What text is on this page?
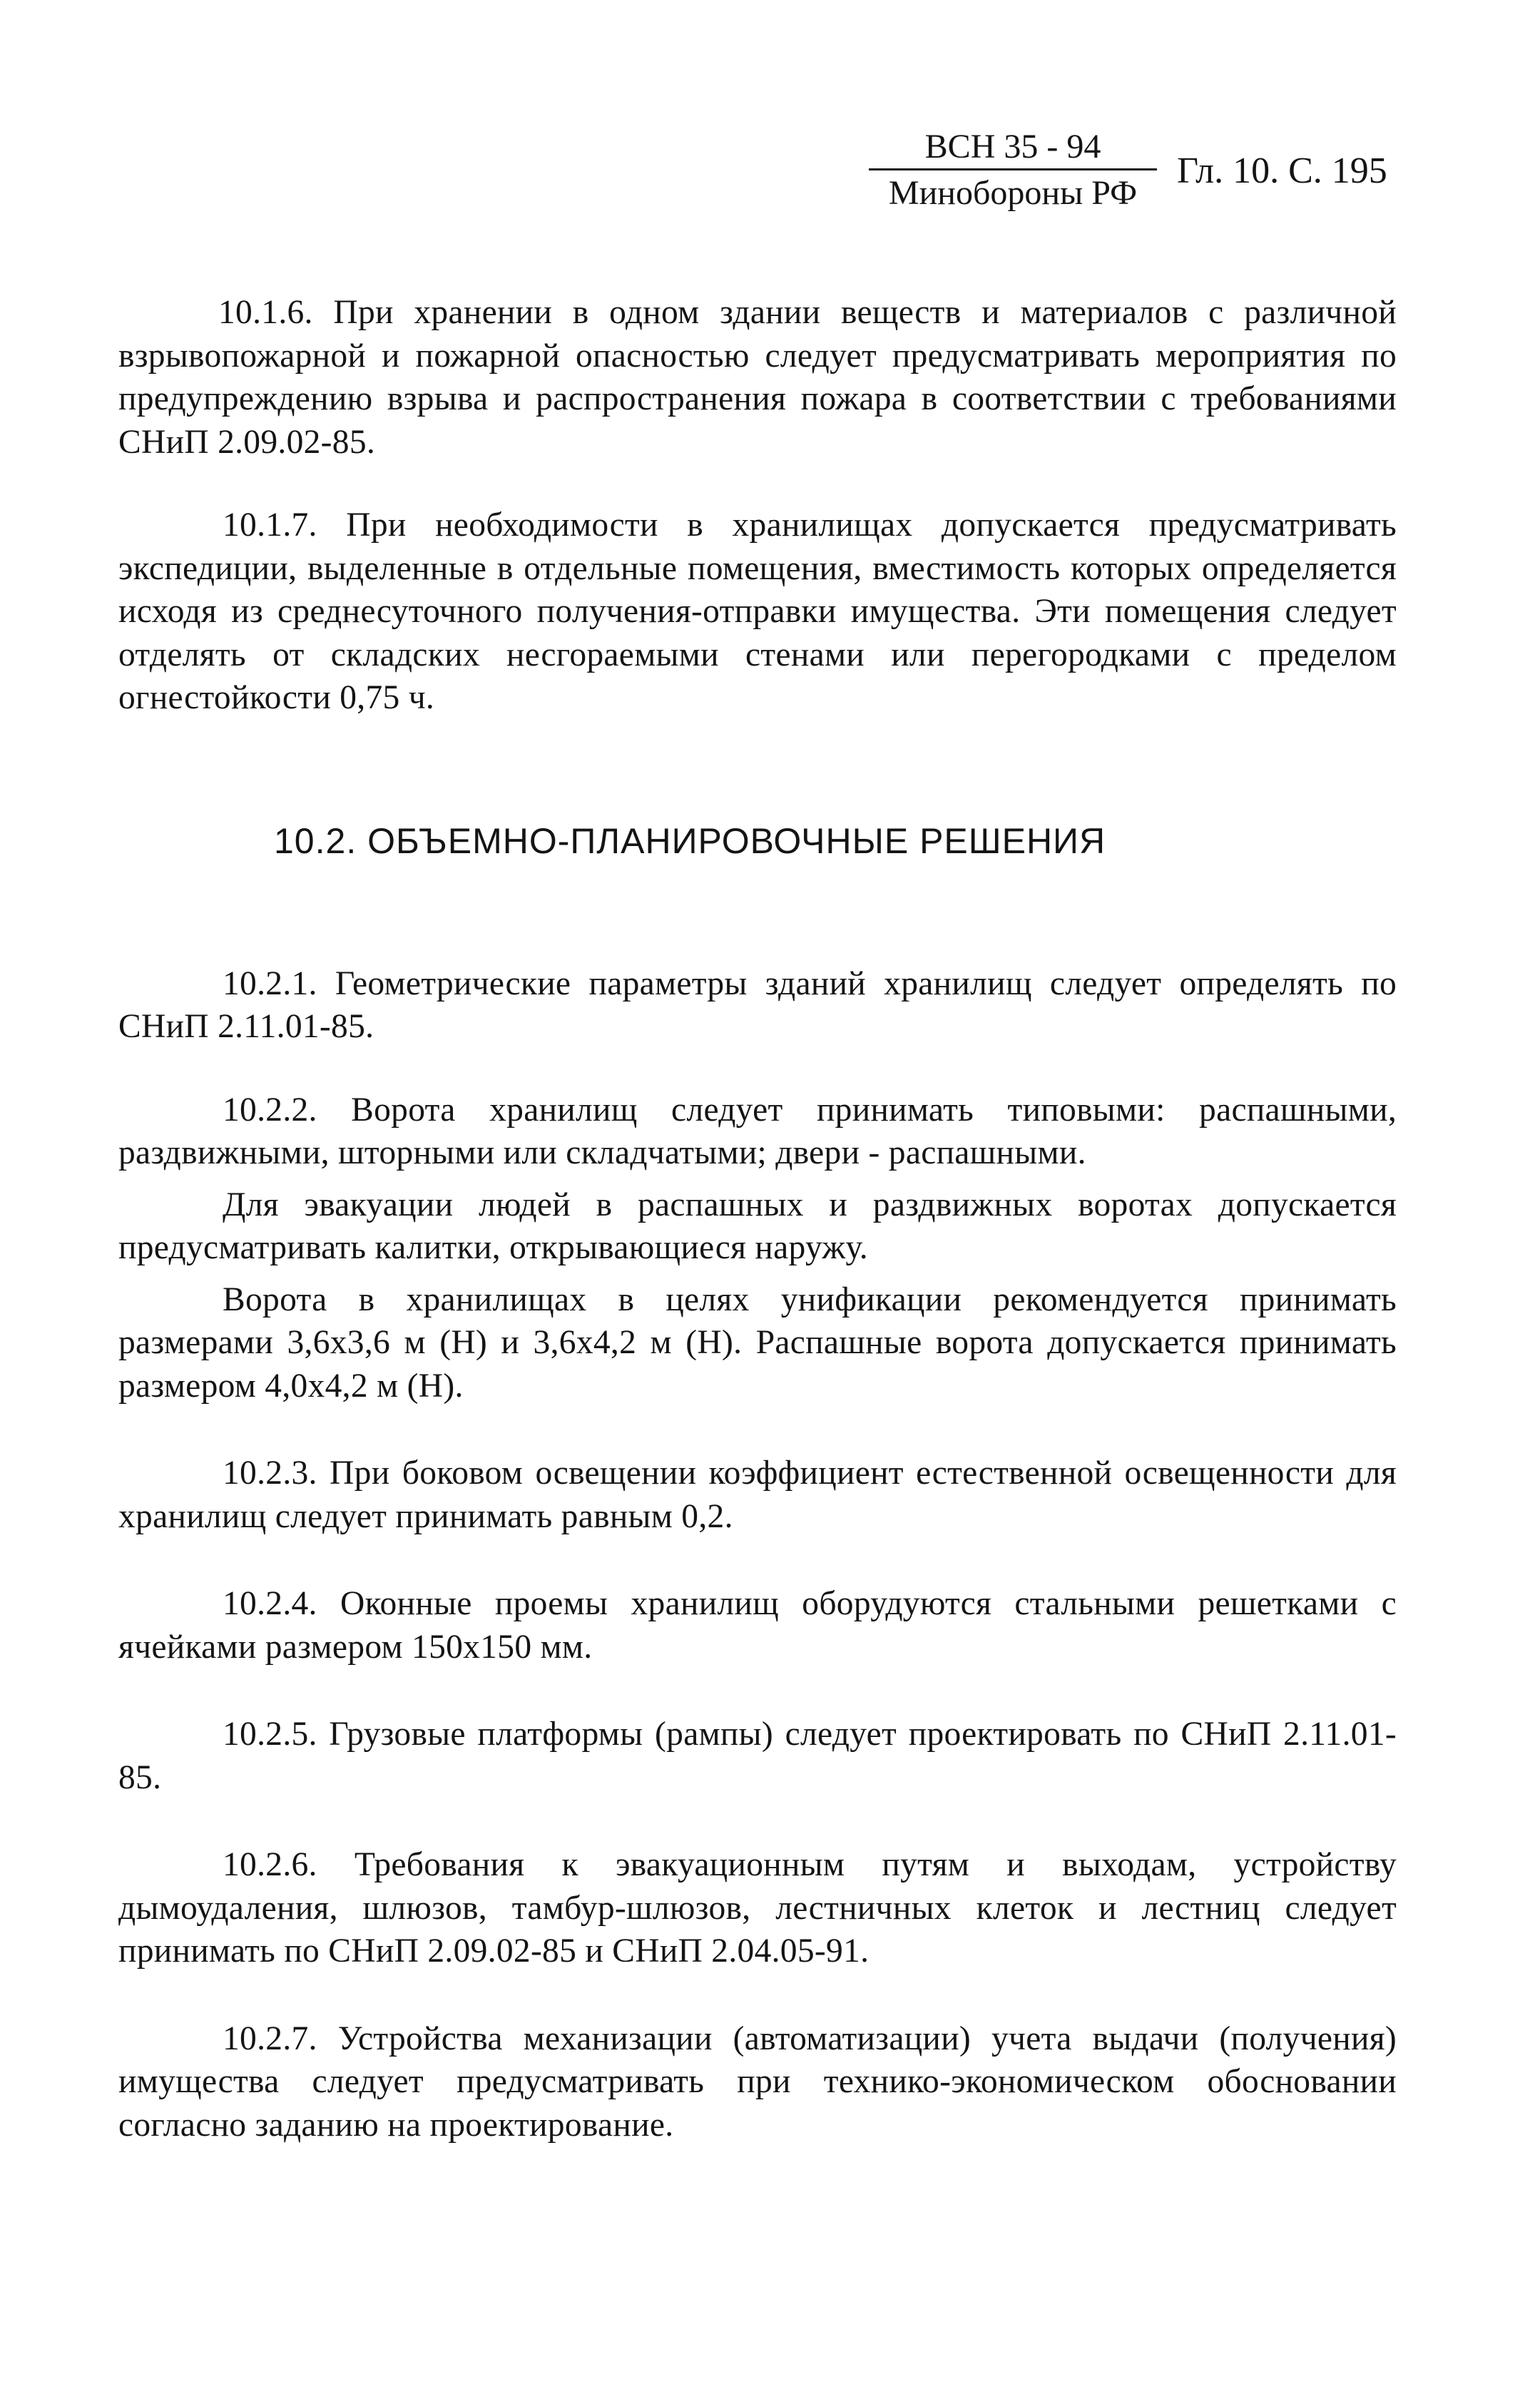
ВСН 35 - 94
Минобороны РФ
Гл. 10. С. 195

10.1.6. При хранении в одном здании веществ и материалов с различной взрывопожарной и пожарной опасностью следует предусматривать мероприятия по предупреждению взрыва и распространения пожара в соответствии с требованиями СНиП 2.09.02-85.

10.1.7. При необходимости в хранилищах допускается предусматривать экспедиции, выделенные в отдельные помещения, вместимость которых определяется исходя из среднесуточного получения-отправки имущества. Эти помещения следует отделять от складских несгораемыми стенами или перегородками с пределом огнестойкости 0,75 ч.

10.2. ОБЪЕМНО-ПЛАНИРОВОЧНЫЕ РЕШЕНИЯ

10.2.1. Геометрические параметры зданий хранилищ следует определять по СНиП 2.11.01-85.

10.2.2. Ворота хранилищ следует принимать типовыми: распашными, раздвижными, шторными или складчатыми; двери - распашными.

Для эвакуации людей в распашных и раздвижных воротах допускается предусматривать калитки, открывающиеся наружу.

Ворота в хранилищах в целях унификации рекомендуется принимать размерами 3,6х3,6 м (Н) и 3,6х4,2 м (Н). Распашные ворота допускается принимать размером 4,0х4,2 м (Н).

10.2.3. При боковом освещении коэффициент естественной освещенности для хранилищ следует принимать равным 0,2.

10.2.4. Оконные проемы хранилищ оборудуются стальными решетками с ячейками размером 150х150 мм.

10.2.5. Грузовые платформы (рампы) следует проектировать по СНиП 2.11.01-85.

10.2.6. Требования к эвакуационным путям и выходам, устройству дымоудаления, шлюзов, тамбур-шлюзов, лестничных клеток и лестниц следует принимать по СНиП 2.09.02-85 и СНиП 2.04.05-91.

10.2.7. Устройства механизации (автоматизации) учета выдачи (получения) имущества следует предусматривать при технико-экономическом обосновании согласно заданию на проектирование.
